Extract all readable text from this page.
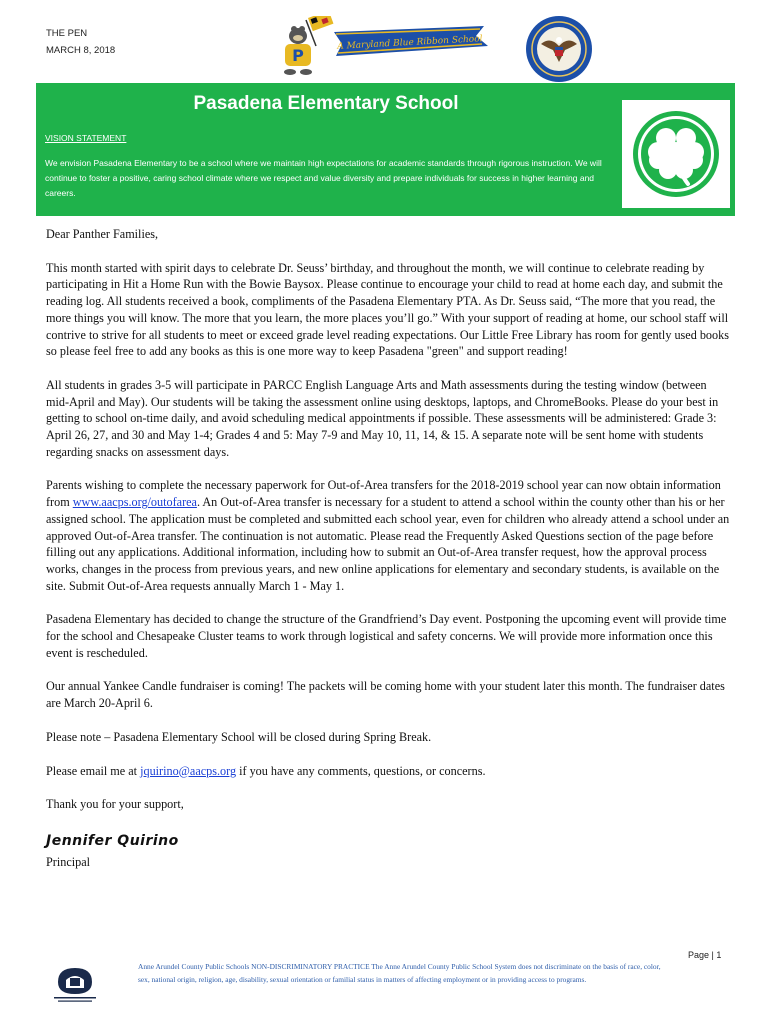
THE PEN
MARCH 8, 2018	P
A Maryland Blue Ribbon School
Pasadena Elementary School
VISION STATEMENT
We envision Pasadena Elementary to be a school where we maintain high expectations for academic standards through rigorous instruction. We will continue to foster a positive, caring school climate where we respect and value diversity and prepare individuals for success in higher learning and careers.

Dear Panther Families,

This month started with spirit days to celebrate Dr. Seuss’ birthday, and throughout the month, we will continue to celebrate reading by participating in Hit a Home Run with the Bowie Baysox. Please continue to encourage your child to read at home each day, and submit the reading log. All students received a book, compliments of the Pasadena Elementary PTA. As Dr. Seuss said, “The more that you read, the more things you will know. The more that you learn, the more places you’ll go.” With your support of reading at home, our school staff will contrive to strive for all students to meet or exceed grade level reading expectations. Our Little Free Library has room for gently used books so please feel free to add any books as this is one more way to keep Pasadena "green" and support reading!

All students in grades 3-5 will participate in PARCC English Language Arts and Math assessments during the testing window (between mid-April and May). Our students will be taking the assessment online using desktops, laptops, and ChromeBooks. Please do your best in getting to school on-time daily, and avoid scheduling medical appointments if possible. These assessments will be administered: Grade 3: April 26, 27, and 30 and May 1-4; Grades 4 and 5: May 7-9 and May 10, 11, 14, & 15. A separate note will be sent home with students regarding snacks on assessment days.

Parents wishing to complete the necessary paperwork for Out-of-Area transfers for the 2018-2019 school year can now obtain information from www.aacps.org/outofarea. An Out-of-Area transfer is necessary for a student to attend a school within the county other than his or her assigned school. The application must be completed and submitted each school year, even for children who already attend a school under an approved Out-of-Area transfer. The continuation is not automatic. Please read the Frequently Asked Questions section of the page before filling out any applications. Additional information, including how to submit an Out-of-Area transfer request, how the approval process works, changes in the process from previous years, and new online applications for elementary and secondary students, is available on the site. Submit Out-of-Area requests annually March 1 - May 1.

Pasadena Elementary has decided to change the structure of the Grandfriend’s Day event. Postponing the upcoming event will provide time for the school and Chesapeake Cluster teams to work through logistical and safety concerns. We will provide more information once this event is rescheduled.

Our annual Yankee Candle fundraiser is coming! The packets will be coming home with your student later this month. The fundraiser dates are March 20-April 6.

Please note – Pasadena Elementary School will be closed during Spring Break.

Please email me at jquirino@aacps.org if you have any comments, questions, or concerns.

Thank you for your support,

Jennifer Quirino
Principal
Page | 1
Anne Arundel County Public Schools NON-DISCRIMINATORY PRACTICE The Anne Arundel County Public School System does not discriminate on the basis of race, color, sex, national origin, religion, age, disability, sexual orientation or familial status in matters of affecting employment or in providing access to programs.
